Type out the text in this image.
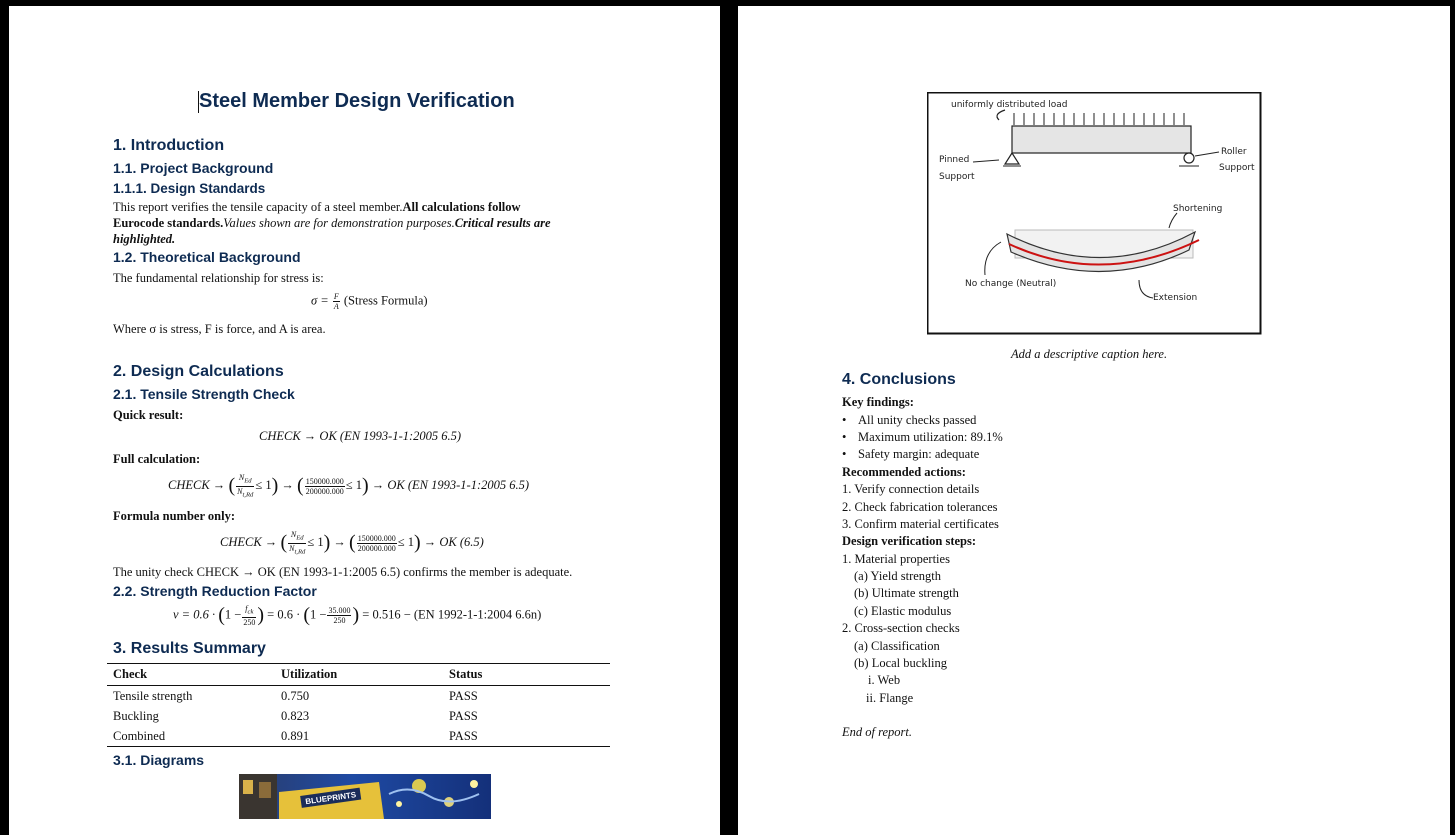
Steel Member Design Verification
1. Introduction
1.1. Project Background
1.1.1. Design Standards
This report verifies the tensile capacity of a steel member.All calculations follow
Eurocode standards.Values shown are for demonstration purposes.Critical results are
highlighted.
1.2. Theoretical Background
The fundamental relationship for stress is:
$\sigma = \frac{F}{A}$ (Stress Formula)
Where σ is stress, F is force, and A is area.
2. Design Calculations
2.1. Tensile Strength Check
Quick result:
CHECK → OK (EN 1993-1-1:2005 6.5)
Full calculation:
CHECK → ( $\frac{N_{Ed}}{N_{t,Rd}} \le 1$) → ( $\frac{150000.000}{200000.000} \le 1$) → OK (EN 1993-1-1:2005 6.5)
Formula number only:
CHECK → ( $\frac{N_{Ed}}{N_{t,Rd}} \le 1$) → ( $\frac{150000.000}{200000.000} \le 1$) → OK (6.5)
The unity check CHECK → OK (EN 1993-1-1:2005 6.5) confirms the member is adequate.
2.2. Strength Reduction Factor
$\nu = 0.6 \cdot (1 - \frac{f_{ck}}{250}$ ) = $0.6 \cdot (1 - \frac{35.000}{250}$ ) = 0.516 − (EN 1992-1-1:2004 6.6n)
3. Results Summary
Check	Utilization	Status
Tensile strength	0.750	PASS
Buckling	0.823	PASS
Combined	0.891	PASS
3.1. Diagrams
BLUEPRINTS
uniformly distributed load
Pinned
Support
Roller
Support
Shortening
No change (Neutral)
Extension
Add a descriptive caption here.
4. Conclusions
Key findings:
• All unity checks passed
• Maximum utilization: 89.1%
• Safety margin: adequate
Recommended actions:
1. Verify connection details
2. Check fabrication tolerances
3. Confirm material certificates
Design verification steps:
1. Material properties
(a) Yield strength
(b) Ultimate strength
(c) Elastic modulus
2. Cross-section checks
(a) Classification
(b) Local buckling
i. Web
ii. Flange
End of report.
